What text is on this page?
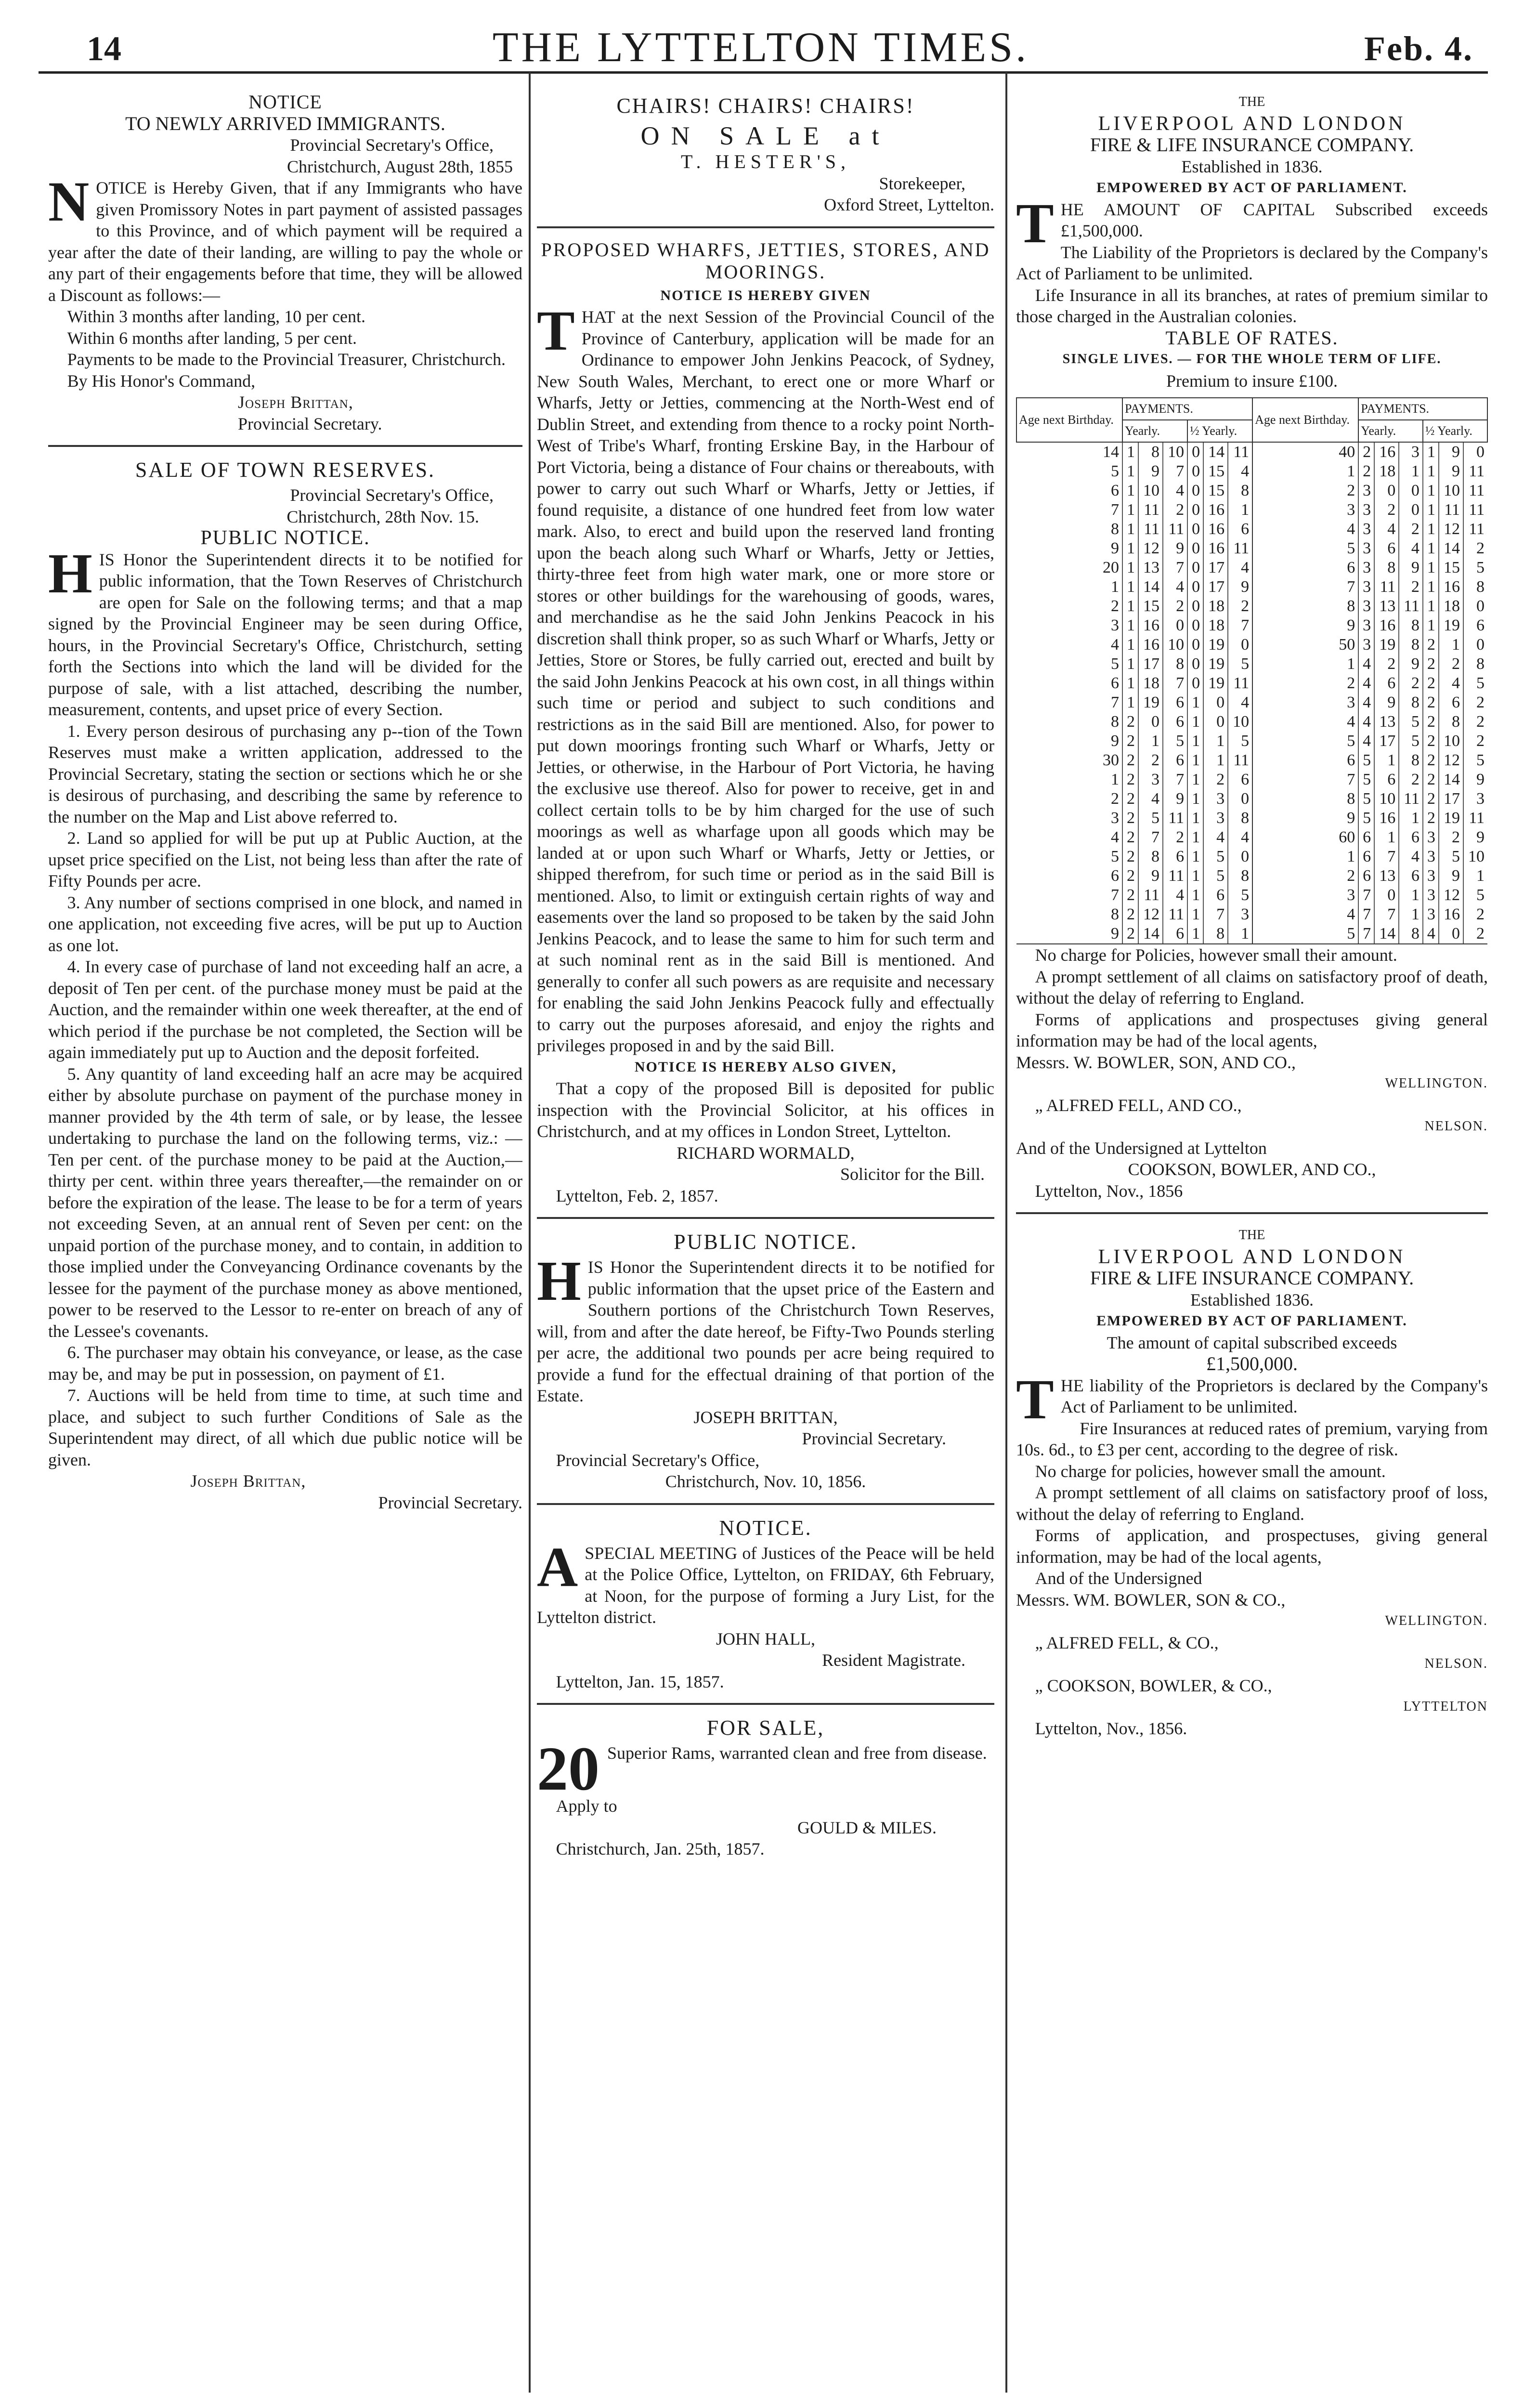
14	THE LYTTELTON TIMES.	Feb. 4.

NOTICE

TO NEWLY ARRIVED IMMIGRANTS.

Provincial Secretary's Office,

Christchurch, August 28th, 1855

NOTICE is Hereby Given, that if any Immigrants who have given Promissory Notes in part payment of assisted passages to this Province, and of which payment will be required a year after the date of their landing, are willing to pay the whole or any part of their engagements before that time, they will be allowed a Discount as follows:—

Within 3 months after landing, 10 per cent.

Within 6 months after landing, 5 per cent.

Payments to be made to the Provincial Treasurer, Christchurch.

By His Honor's Command,

Joseph Brittan,

Provincial Secretary.

SALE OF TOWN RESERVES.

Provincial Secretary's Office,

Christchurch, 28th Nov. 15.

PUBLIC NOTICE.

HIS Honor the Superintendent directs it to be notified for public information, that the Town Reserves of Christchurch are open for Sale on the following terms; and that a map signed by the Provincial Engineer may be seen during Office, hours, in the Provincial Secretary's Office, Christchurch, setting forth the Sections into which the land will be divided for the purpose of sale, with a list attached, describing the number, measurement, contents, and upset price of every Section.

1. Every person desirous of purchasing any p--tion of the Town Reserves must make a written application, addressed to the Provincial Secretary, stating the section or sections which he or she is desirous of purchasing, and describing the same by reference to the number on the Map and List above referred to.

2. Land so applied for will be put up at Public Auction, at the upset price specified on the List, not being less than after the rate of Fifty Pounds per acre.

3. Any number of sections comprised in one block, and named in one application, not exceeding five acres, will be put up to Auction as one lot.

4. In every case of purchase of land not exceeding half an acre, a deposit of Ten per cent. of the purchase money must be paid at the Auction, and the remainder within one week thereafter, at the end of which period if the purchase be not completed, the Section will be again immediately put up to Auction and the deposit forfeited.

5. Any quantity of land exceeding half an acre may be acquired either by absolute purchase on payment of the purchase money in manner provided by the 4th term of sale, or by lease, the lessee undertaking to purchase the land on the following terms, viz.: —Ten per cent. of the purchase money to be paid at the Auction,—thirty per cent. within three years thereafter,—the remainder on or before the expiration of the lease. The lease to be for a term of years not exceeding Seven, at an annual rent of Seven per cent: on the unpaid portion of the purchase money, and to contain, in addition to those implied under the Conveyancing Ordinance covenants by the lessee for the payment of the purchase money as above mentioned, power to be reserved to the Lessor to re-enter on breach of any of the Lessee's covenants.

6. The purchaser may obtain his conveyance, or lease, as the case may be, and may be put in possession, on payment of £1.

7. Auctions will be held from time to time, at such time and place, and subject to such further Conditions of Sale as the Superintendent may direct, of all which due public notice will be given.

Joseph Brittan,

Provincial Secretary.

CHAIRS! CHAIRS! CHAIRS!

ON SALE at

T. HESTER'S,

Storekeeper,

Oxford Street, Lyttelton.

PROPOSED WHARFS, JETTIES, STORES, AND MOORINGS.

NOTICE IS HEREBY GIVEN

THAT at the next Session of the Provincial Council of the Province of Canterbury, application will be made for an Ordinance to empower John Jenkins Peacock, of Sydney, New South Wales, Merchant, to erect one or more Wharf or Wharfs, Jetty or Jetties, commencing at the North-West end of Dublin Street, and extending from thence to a rocky point North-West of Tribe's Wharf, fronting Erskine Bay, in the Harbour of Port Victoria, being a distance of Four chains or thereabouts, with power to carry out such Wharf or Wharfs, Jetty or Jetties, if found requisite, a distance of one hundred feet from low water mark. Also, to erect and build upon the reserved land fronting upon the beach along such Wharf or Wharfs, Jetty or Jetties, thirty-three feet from high water mark, one or more store or stores or other buildings for the warehousing of goods, wares, and merchandise as he the said John Jenkins Peacock in his discretion shall think proper, so as such Wharf or Wharfs, Jetty or Jetties, Store or Stores, be fully carried out, erected and built by the said John Jenkins Peacock at his own cost, in all things within such time or period and subject to such conditions and restrictions as in the said Bill are mentioned. Also, for power to put down moorings fronting such Wharf or Wharfs, Jetty or Jetties, or otherwise, in the Harbour of Port Victoria, he having the exclusive use thereof. Also for power to receive, get in and collect certain tolls to be by him charged for the use of such moorings as well as wharfage upon all goods which may be landed at or upon such Wharf or Wharfs, Jetty or Jetties, or shipped therefrom, for such time or period as in the said Bill is mentioned. Also, to limit or extinguish certain rights of way and easements over the land so proposed to be taken by the said John Jenkins Peacock, and to lease the same to him for such term and at such nominal rent as in the said Bill is mentioned. And generally to confer all such powers as are requisite and necessary for enabling the said John Jenkins Peacock fully and effectually to carry out the purposes aforesaid, and enjoy the rights and privileges proposed in and by the said Bill.

NOTICE IS HEREBY ALSO GIVEN,

That a copy of the proposed Bill is deposited for public inspection with the Provincial Solicitor, at his offices in Christchurch, and at my offices in London Street, Lyttelton.

RICHARD WORMALD,

Solicitor for the Bill.

Lyttelton, Feb. 2, 1857.

PUBLIC NOTICE.

HIS Honor the Superintendent directs it to be notified for public information that the upset price of the Eastern and Southern portions of the Christchurch Town Reserves, will, from and after the date hereof, be Fifty-Two Pounds sterling per acre, the additional two pounds per acre being required to provide a fund for the effectual draining of that portion of the Estate.

JOSEPH BRITTAN,

Provincial Secretary.

Provincial Secretary's Office,

Christchurch, Nov. 10, 1856.

NOTICE.

ASPECIAL MEETING of Justices of the Peace will be held at the Police Office, Lyttelton, on FRIDAY, 6th February, at Noon, for the purpose of forming a Jury List, for the Lyttelton district.

JOHN HALL,

Resident Magistrate.

Lyttelton, Jan. 15, 1857.

FOR SALE,

20 Superior Rams, warranted clean and free from disease.

Apply to

GOULD & MILES.

Christchurch, Jan. 25th, 1857.

THE

LIVERPOOL AND LONDON

FIRE & LIFE INSURANCE COMPANY.

Established in 1836.

EMPOWERED BY ACT OF PARLIAMENT.

THE AMOUNT OF CAPITAL Subscribed exceeds £1,500,000.

The Liability of the Proprietors is declared by the Company's Act of Parliament to be unlimited.

Life Insurance in all its branches, at rates of premium similar to those charged in the Australian colonies.

TABLE OF RATES.

SINGLE LIVES. — FOR THE WHOLE TERM OF LIFE.

Premium to insure £100.

Age next Birthday.	PAYMENTS.						Age next Birthday.	PAYMENTS.					
	Yearly.			½ Yearly.				Yearly.			½ Yearly.		
14	1	8	10	0	14	11	40	2	16	3	1	9	0
5	1	9	7	0	15	4	1	2	18	1	1	9	11
6	1	10	4	0	15	8	2	3	0	0	1	10	11
7	1	11	2	0	16	1	3	3	2	0	1	11	11
8	1	11	11	0	16	6	4	3	4	2	1	12	11
9	1	12	9	0	16	11	5	3	6	4	1	14	2
20	1	13	7	0	17	4	6	3	8	9	1	15	5
1	1	14	4	0	17	9	7	3	11	2	1	16	8
2	1	15	2	0	18	2	8	3	13	11	1	18	0
3	1	16	0	0	18	7	9	3	16	8	1	19	6
4	1	16	10	0	19	0	50	3	19	8	2	1	0
5	1	17	8	0	19	5	1	4	2	9	2	2	8
6	1	18	7	0	19	11	2	4	6	2	2	4	5
7	1	19	6	1	0	4	3	4	9	8	2	6	2
8	2	0	6	1	0	10	4	4	13	5	2	8	2
9	2	1	5	1	1	5	5	4	17	5	2	10	2
30	2	2	6	1	1	11	6	5	1	8	2	12	5
1	2	3	7	1	2	6	7	5	6	2	2	14	9
2	2	4	9	1	3	0	8	5	10	11	2	17	3
3	2	5	11	1	3	8	9	5	16	1	2	19	11
4	2	7	2	1	4	4	60	6	1	6	3	2	9
5	2	8	6	1	5	0	1	6	7	4	3	5	10
6	2	9	11	1	5	8	2	6	13	6	3	9	1
7	2	11	4	1	6	5	3	7	0	1	3	12	5
8	2	12	11	1	7	3	4	7	7	1	3	16	2
9	2	14	6	1	8	1	5	7	14	8	4	0	2

No charge for Policies, however small their amount.

A prompt settlement of all claims on satisfactory proof of death, without the delay of referring to England.

Forms of applications and prospectuses giving general information may be had of the local agents,

Messrs. W. BOWLER, SON, AND CO.,

WELLINGTON.

„ ALFRED FELL, AND CO.,

NELSON.

And of the Undersigned at Lyttelton

COOKSON, BOWLER, AND CO.,

Lyttelton, Nov., 1856

THE

LIVERPOOL AND LONDON

FIRE & LIFE INSURANCE COMPANY.

Established 1836.

EMPOWERED BY ACT OF PARLIAMENT.

The amount of capital subscribed exceeds

£1,500,000.

THE liability of the Proprietors is declared by the Company's Act of Parliament to be unlimited.

Fire Insurances at reduced rates of premium, varying from 10s. 6d., to £3 per cent, according to the degree of risk.

No charge for policies, however small the amount.

A prompt settlement of all claims on satisfactory proof of loss, without the delay of referring to England.

Forms of application, and prospectuses, giving general information, may be had of the local agents,

And of the Undersigned

Messrs. WM. BOWLER, SON & CO.,

WELLINGTON.

„ ALFRED FELL, & CO.,

NELSON.

„ COOKSON, BOWLER, & CO.,

LYTTELTON

Lyttelton, Nov., 1856.
